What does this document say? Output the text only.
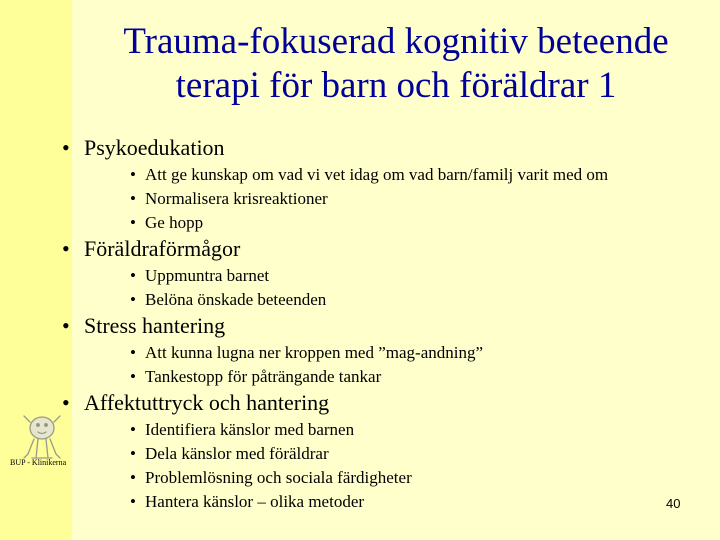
Trauma-fokuserad kognitiv beteende
terapi för barn och föräldrar 1
• Psykoedukation
• Att ge kunskap om vad vi vet idag om vad barn/familj varit med om
• Normalisera krisreaktioner
• Ge hopp
• Föräldraförmågor
• Uppmuntra barnet
• Belöna önskade beteenden
• Stress hantering
• Att kunna lugna ner kroppen med ”mag-andning”
• Tankestopp för påträngande tankar
• Affektuttryck och hantering
• Identifiera känslor med barnen
• Dela känslor med föräldrar
• Problemlösning och sociala färdigheter
• Hantera känslor – olika metoder
BUP - Klinikerna
40
